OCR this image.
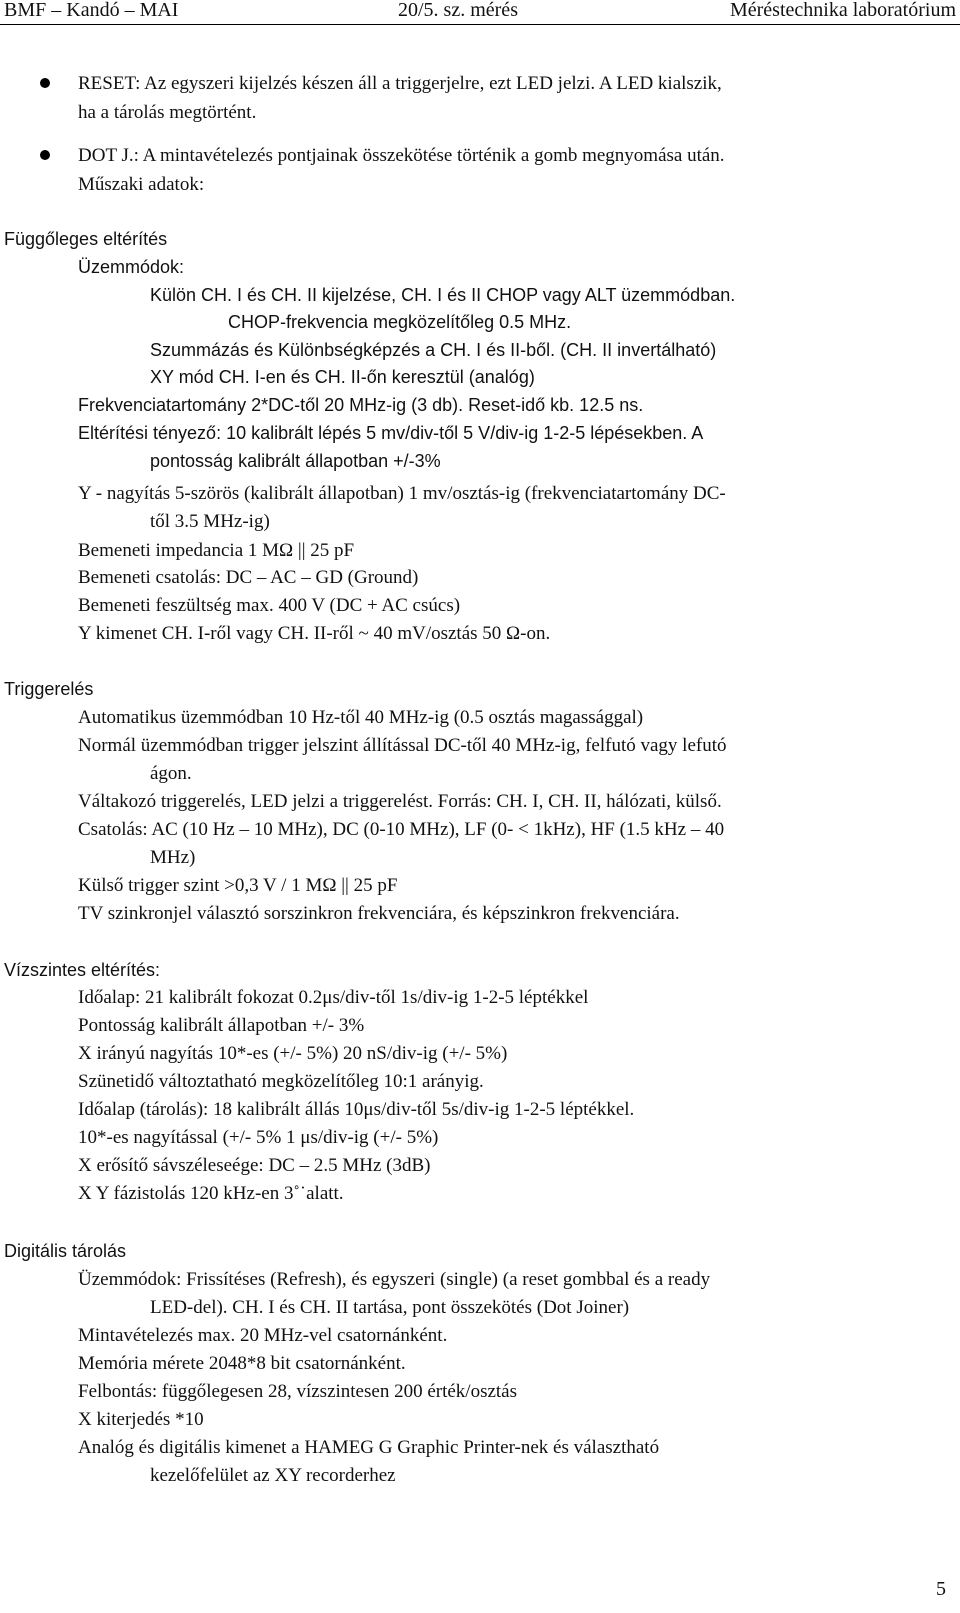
BMF – Kandó – MAI	20/5. sz. mérés	Méréstechnika laboratórium
RESET: Az egyszeri kijelzés készen áll a triggerjelre, ezt LED jelzi. A LED kialszik,
ha a tárolás megtörtént.
DOT J.: A mintavételezés pontjainak összekötése történik a gomb megnyomása után.
Műszaki adatok:
Függőleges eltérítés
Üzemmódok:
Külön CH. I és CH. II kijelzése, CH. I és II CHOP vagy ALT üzemmódban.
CHOP-frekvencia megközelítőleg 0.5 MHz.
Szummázás és Különbségképzés a CH. I és II-ből. (CH. II invertálható)
XY mód CH. I-en és CH. II-őn keresztül (analóg)
Frekvenciatartomány 2*DC-től 20 MHz-ig (3 db). Reset-idő kb. 12.5 ns.
Eltérítési tényező: 10 kalibrált lépés 5 mv/div-től 5 V/div-ig 1-2-5 lépésekben. A
pontosság kalibrált állapotban +/-3%
Y - nagyítás 5-szörös (kalibrált állapotban) 1 mv/osztás-ig (frekvenciatartomány DC-
től 3.5 MHz-ig)
Bemeneti impedancia 1 MΩ || 25 pF
Bemeneti csatolás: DC – AC – GD (Ground)
Bemeneti feszültség max. 400 V (DC + AC csúcs)
Y kimenet CH. I-ről vagy CH. II-ről ~ 40 mV/osztás 50 Ω-on.
Triggerelés
Automatikus üzemmódban 10 Hz-től 40 MHz-ig (0.5 osztás magassággal)
Normál üzemmódban trigger jelszint állítással DC-től 40 MHz-ig, felfutó vagy lefutó
ágon.
Váltakozó triggerelés, LED jelzi a triggerelést. Forrás: CH. I, CH. II, hálózati, külső.
Csatolás: AC (10 Hz – 10 MHz), DC (0-10 MHz), LF (0- < 1kHz), HF (1.5 kHz – 40
MHz)
Külső trigger szint >0,3 V / 1 MΩ || 25 pF
TV szinkronjel választó sorszinkron frekvenciára, és képszinkron frekvenciára.
Vízszintes eltérítés:
Időalap: 21 kalibrált fokozat 0.2μs/div-től 1s/div-ig 1-2-5 léptékkel
Pontosság kalibrált állapotban +/- 3%
X irányú nagyítás 10*-es (+/- 5%) 20 nS/div-ig (+/- 5%)
Szünetidő változtatható megközelítőleg 10:1 arányig.
Időalap (tárolás): 18 kalibrált állás 10μs/div-től 5s/div-ig 1-2-5 léptékkel.
10*-es nagyítással (+/- 5% 1 μs/div-ig (+/- 5%)
X erősítő sávszéleseége: DC – 2.5 MHz (3dB)
X Y fázistolás 120 kHz-en 3˚˙alatt.
Digitális tárolás
Üzemmódok: Frissítéses (Refresh), és egyszeri (single) (a reset gombbal és a ready
LED-del). CH. I és CH. II tartása, pont összekötés (Dot Joiner)
Mintavételezés max. 20 MHz-vel csatornánként.
Memória mérete 2048*8 bit csatornánként.
Felbontás: függőlegesen 28, vízszintesen 200 érték/osztás
X kiterjedés *10
Analóg és digitális kimenet a HAMEG G Graphic Printer-nek és választható
kezelőfelület az XY recorderhez
5
